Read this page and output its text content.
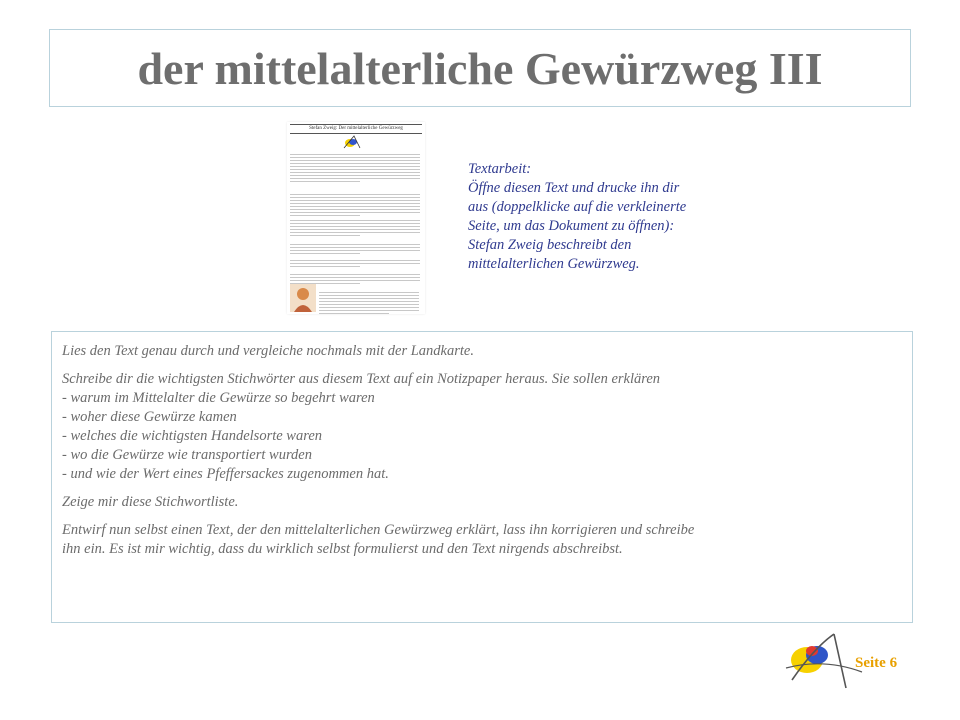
der mittelalterliche Gewürzweg III
Stefan Zweig: Der mittelalterliche Gewürzweg
Textarbeit:
Öffne diesen Text und drucke ihn dir
aus (doppelklicke auf die verkleinerte
Seite, um das Dokument zu öffnen):
Stefan Zweig beschreibt den
mittelalterlichen Gewürzweg.

Lies den Text genau durch und vergleiche nochmals mit der Landkarte.

Schreibe dir die wichtigsten Stichwörter aus diesem Text auf ein Notizpaper heraus. Sie sollen erklären
- warum im Mittelalter die Gewürze so begehrt waren
- woher diese Gewürze kamen
- welches die wichtigsten Handelsorte waren
- wo die Gewürze wie transportiert wurden
- und wie der Wert eines Pfeffersackes zugenommen hat.

Zeige mir diese Stichwortliste.

Entwirf nun selbst einen Text, der den mittelalterlichen Gewürzweg erklärt, lass ihn korrigieren und schreibe
ihn ein. Es ist mir wichtig, dass du wirklich selbst formulierst und den Text nirgends abschreibst.

Seite 6
